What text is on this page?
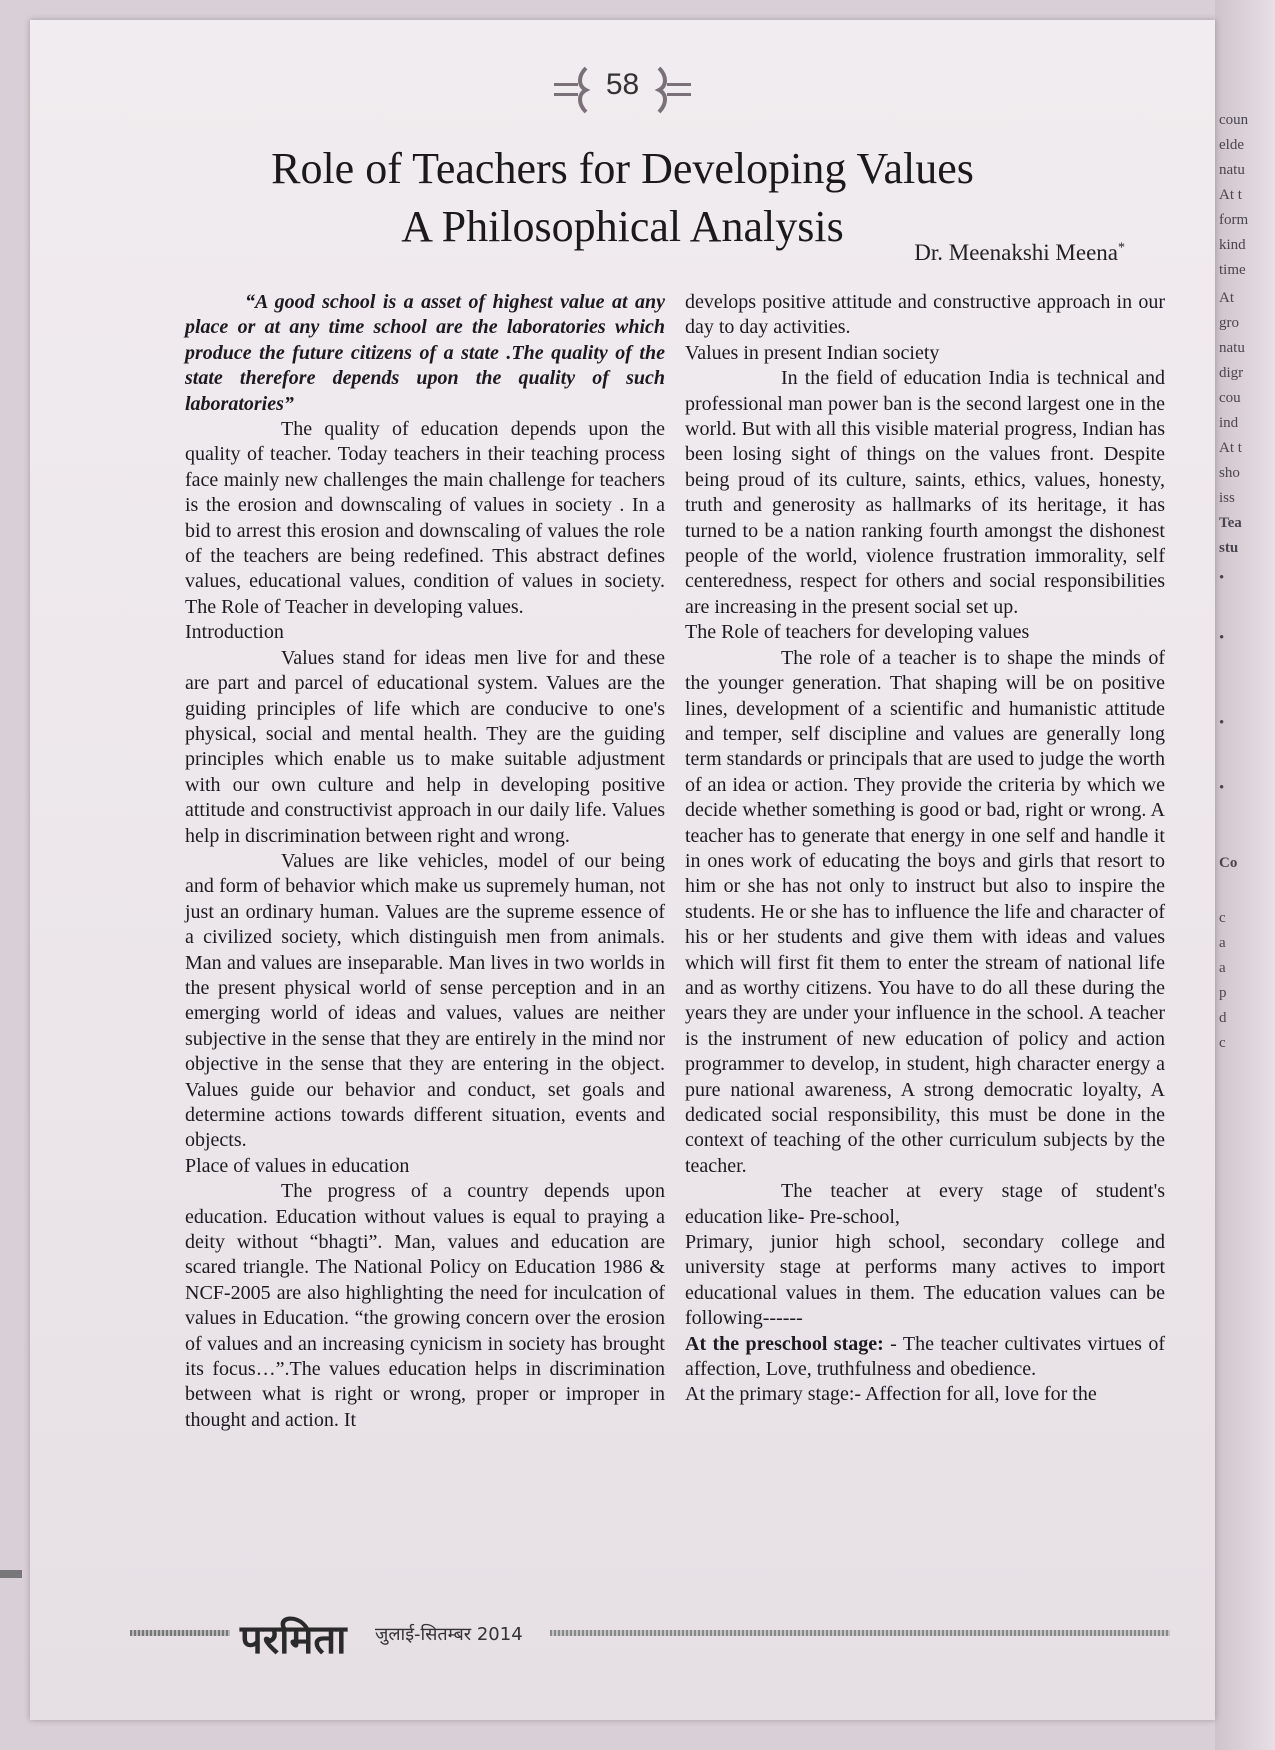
coun
elde
natu
At t
form
kind
time
At
gro
natu
digr
cou
ind
At t
sho
iss
Tea
stu
•
•
•
•
Co
c
a
a
p
d
c
58
Role of Teachers for Developing Values
A Philosophical Analysis
Dr. Meenakshi Meena*

“A good school is a asset of highest value at any place or at any time school are the laboratories which produce the future citizens of a state .The quality of the state therefore depends upon the quality of such laboratories”

The quality of education depends upon the quality of teacher. Today teachers in their teaching process face mainly new challenges the main challenge for teachers is the erosion and downscaling of values in society . In a bid to arrest this erosion and downscaling of values the role of the teachers are being redefined. This abstract defines values, educational values, condition of values in society. The Role of Teacher in developing values.

Introduction

Values stand for ideas men live for and these are part and parcel of educational system. Values are the guiding principles of life which are conducive to one's physical, social and mental health. They are the guiding principles which enable us to make suitable adjustment with our own culture and help in developing positive attitude and constructivist approach in our daily life. Values help in discrimination between right and wrong.

Values are like vehicles, model of our being and form of behavior which make us supremely human, not just an ordinary human. Values are the supreme essence of a civilized society, which distinguish men from animals. Man and values are inseparable. Man lives in two worlds in the present physical world of sense perception and in an emerging world of ideas and values, values are neither subjective in the sense that they are entirely in the mind nor objective in the sense that they are entering in the object. Values guide our behavior and conduct, set goals and determine actions towards different situation, events and objects.

Place of values in education

The progress of a country depends upon education. Education without values is equal to praying a deity without “bhagti”. Man, values and education are scared triangle. The National Policy on Education 1986 & NCF-2005 are also highlighting the need for inculcation of values in Education. “the growing concern over the erosion of values and an increasing cynicism in society has brought its focus…”.The values education helps in discrimination between what is right or wrong, proper or improper in thought and action. It

develops positive attitude and constructive approach in our day to day activities.

Values in present Indian society

In the field of education India is technical and professional man power ban is the second largest one in the world. But with all this visible material progress, Indian has been losing sight of things on the values front. Despite being proud of its culture, saints, ethics, values, honesty, truth and generosity as hallmarks of its heritage, it has turned to be a nation ranking fourth amongst the dishonest people of the world, violence frustration immorality, self centeredness, respect for others and social responsibilities are increasing in the present social set up.

The Role of teachers for developing values

The role of a teacher is to shape the minds of the younger generation. That shaping will be on positive lines, development of a scientific and humanistic attitude and temper, self discipline and values are generally long term standards or principals that are used to judge the worth of an idea or action. They provide the criteria by which we decide whether something is good or bad, right or wrong. A teacher has to generate that energy in one self and handle it in ones work of educating the boys and girls that resort to him or she has not only to instruct but also to inspire the students. He or she has to influence the life and character of his or her students and give them with ideas and values which will first fit them to enter the stream of national life and as worthy citizens. You have to do all these during the years they are under your influence in the school. A teacher is the instrument of new education of policy and action programmer to develop, in student, high character energy a pure national awareness, A strong democratic loyalty, A dedicated social responsibility, this must be done in the context of teaching of the other curriculum subjects by the teacher.

The teacher at every stage of student's education like- Pre-school,

Primary, junior high school, secondary college and university stage at performs many actives to import educational values in them. The education values can be following------

At the preschool stage: - The teacher cultivates virtues of affection, Love, truthfulness and obedience.

At the primary stage:- Affection for all, love for the

परमिता जुलाई-सितम्बर 2014
